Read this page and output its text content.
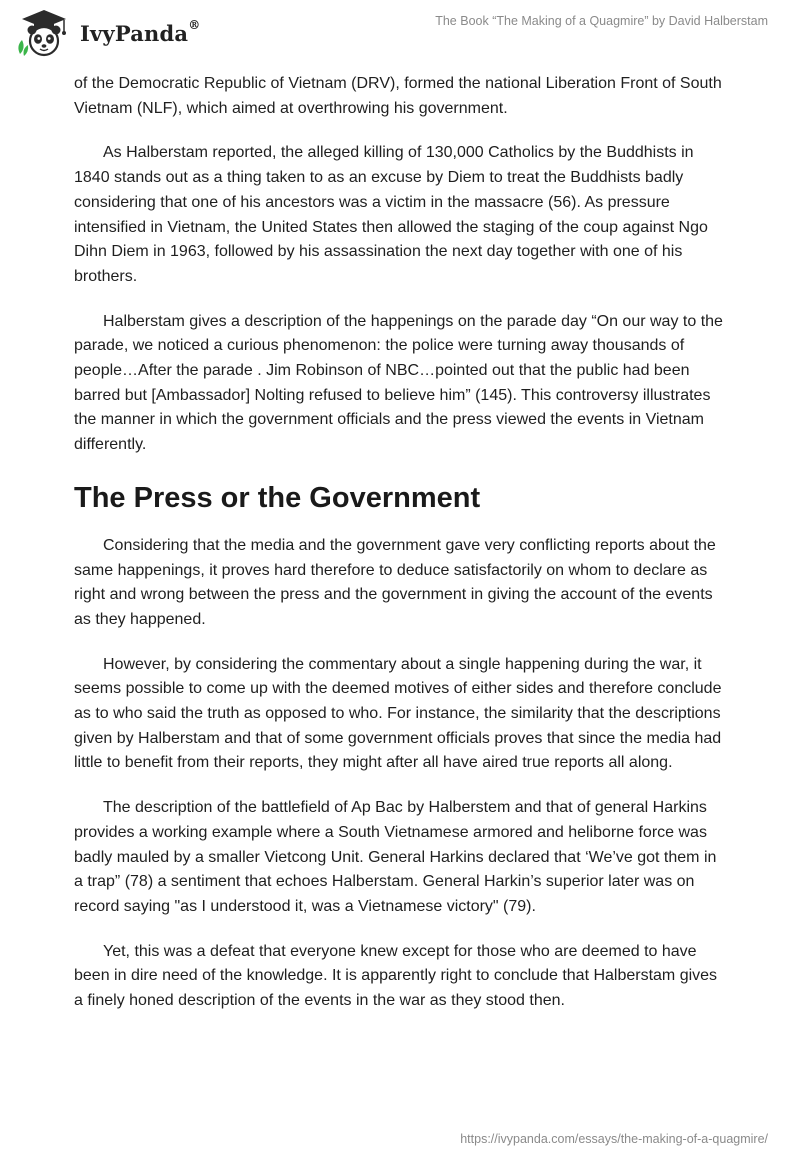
IvyPanda®	The Book “The Making of a Quagmire” by David Halberstam

of the Democratic Republic of Vietnam (DRV), formed the national Liberation Front of South Vietnam (NLF), which aimed at overthrowing his government.

As Halberstam reported, the alleged killing of 130,000 Catholics by the Buddhists in 1840 stands out as a thing taken to as an excuse by Diem to treat the Buddhists badly considering that one of his ancestors was a victim in the massacre (56). As pressure intensified in Vietnam, the United States then allowed the staging of the coup against Ngo Dihn Diem in 1963, followed by his assassination the next day together with one of his brothers.

Halberstam gives a description of the happenings on the parade day “On our way to the parade, we noticed a curious phenomenon: the police were turning away thousands of people…After the parade . Jim Robinson of NBC…pointed out that the public had been barred but [Ambassador] Nolting refused to believe him” (145). This controversy illustrates the manner in which the government officials and the press viewed the events in Vietnam differently.

The Press or the Government

Considering that the media and the government gave very conflicting reports about the same happenings, it proves hard therefore to deduce satisfactorily on whom to declare as right and wrong between the press and the government in giving the account of the events as they happened.

However, by considering the commentary about a single happening during the war, it seems possible to come up with the deemed motives of either sides and therefore conclude as to who said the truth as opposed to who. For instance, the similarity that the descriptions given by Halberstam and that of some government officials proves that since the media had little to benefit from their reports, they might after all have aired true reports all along.

The description of the battlefield of Ap Bac by Halberstem and that of general Harkins provides a working example where a South Vietnamese armored and heliborne force was badly mauled by a smaller Vietcong Unit. General Harkins declared that ‘We’ve got them in a trap” (78) a sentiment that echoes Halberstam. General Harkin’s superior later was on record saying "as I understood it, was a Vietnamese victory" (79).

Yet, this was a defeat that everyone knew except for those who are deemed to have been in dire need of the knowledge. It is apparently right to conclude that Halberstam gives a finely honed description of the events in the war as they stood then.

https://ivypanda.com/essays/the-making-of-a-quagmire/
